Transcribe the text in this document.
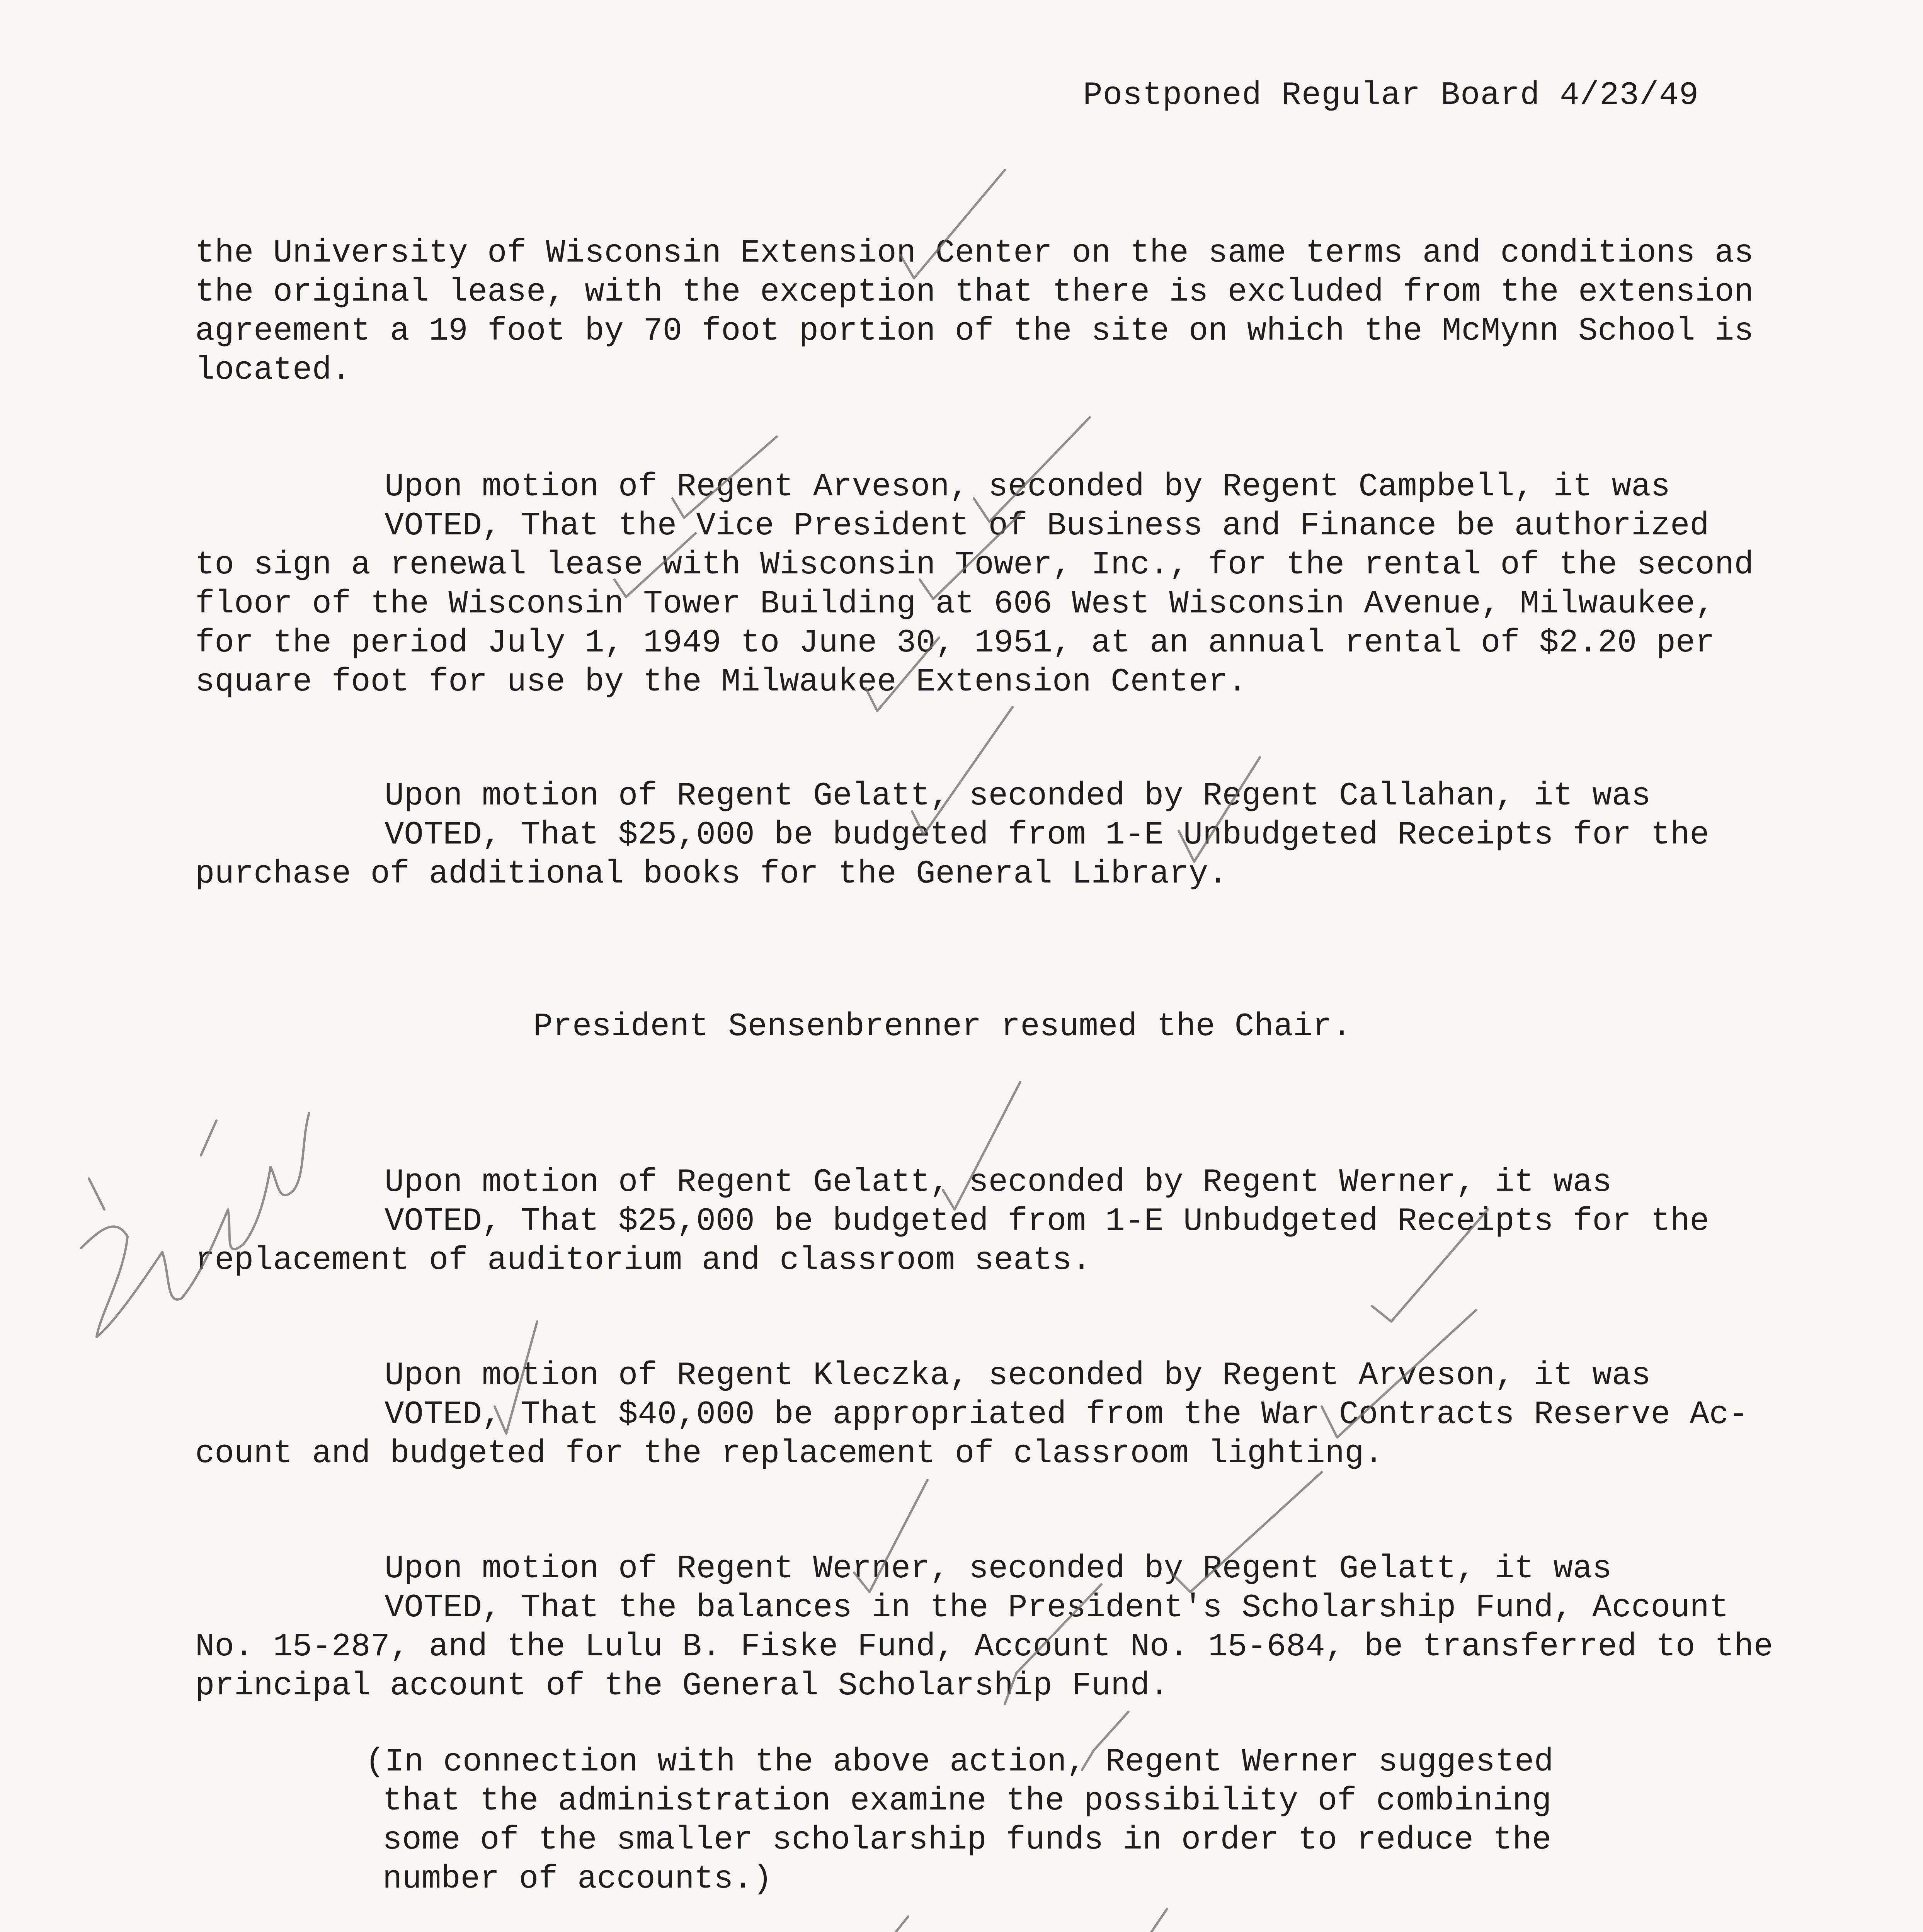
Postponed Regular Board 4/23/49
the University of Wisconsin Extension Center on the same terms and conditions as
the original lease, with the exception that there is excluded from the extension
agreement a 19 foot by 70 foot portion of the site on which the McMynn School is
located.
Upon motion of Regent Arveson, seconded by Regent Campbell, it was
VOTED, That the Vice President of Business and Finance be authorized
to sign a renewal lease with Wisconsin Tower, Inc., for the rental of the second
floor of the Wisconsin Tower Building at 606 West Wisconsin Avenue, Milwaukee,
for the period July 1, 1949 to June 30, 1951, at an annual rental of $2.20 per
square foot for use by the Milwaukee Extension Center.
Upon motion of Regent Gelatt, seconded by Regent Callahan, it was
VOTED, That $25,000 be budgeted from 1-E Unbudgeted Receipts for the
purchase of additional books for the General Library.
President Sensenbrenner resumed the Chair.
Upon motion of Regent Gelatt, seconded by Regent Werner, it was
VOTED, That $25,000 be budgeted from 1-E Unbudgeted Receipts for the
replacement of auditorium and classroom seats.
Upon motion of Regent Kleczka, seconded by Regent Arveson, it was
VOTED, That $40,000 be appropriated from the War Contracts Reserve Ac-
count and budgeted for the replacement of classroom lighting.
Upon motion of Regent Werner, seconded by Regent Gelatt, it was
VOTED, That the balances in the President's Scholarship Fund, Account
No. 15-287, and the Lulu B. Fiske Fund, Account No. 15-684, be transferred to the
principal account of the General Scholarship Fund.
(In connection with the above action, Regent Werner suggested
that the administration examine the possibility of combining
some of the smaller scholarship funds in order to reduce the
number of accounts.)
